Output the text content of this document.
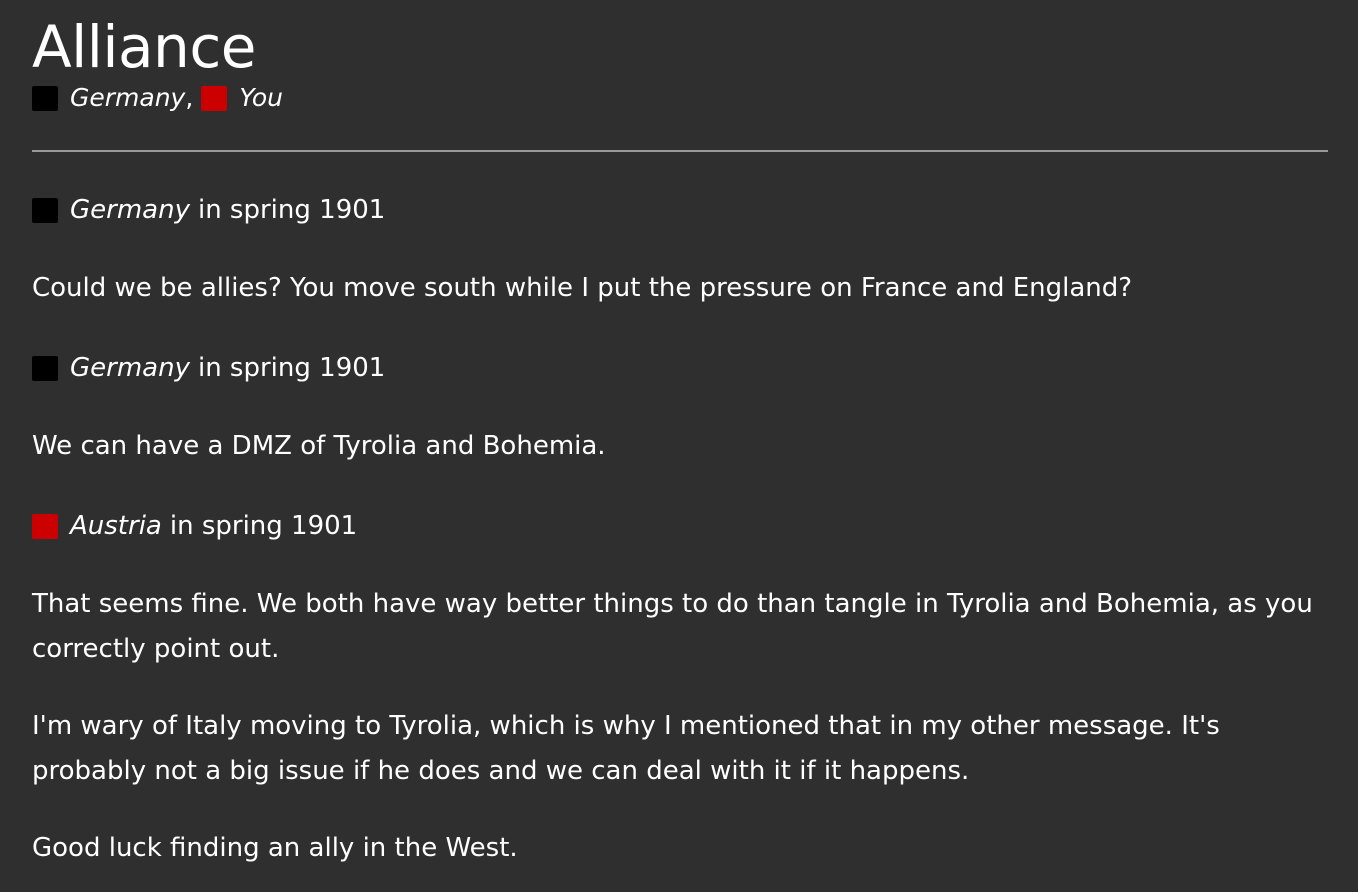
Alliance
Germany , You
Germany in spring 1901

Could we be allies? You move south while I put the pressure on France and England?

Germany in spring 1901

We can have a DMZ of Tyrolia and Bohemia.

Austria in spring 1901

That seems fine. We both have way better things to do than tangle in Tyrolia and Bohemia, as you correctly point out.

I'm wary of Italy moving to Tyrolia, which is why I mentioned that in my other message. It's probably not a big issue if he does and we can deal with it if it happens.

Good luck finding an ally in the West.
